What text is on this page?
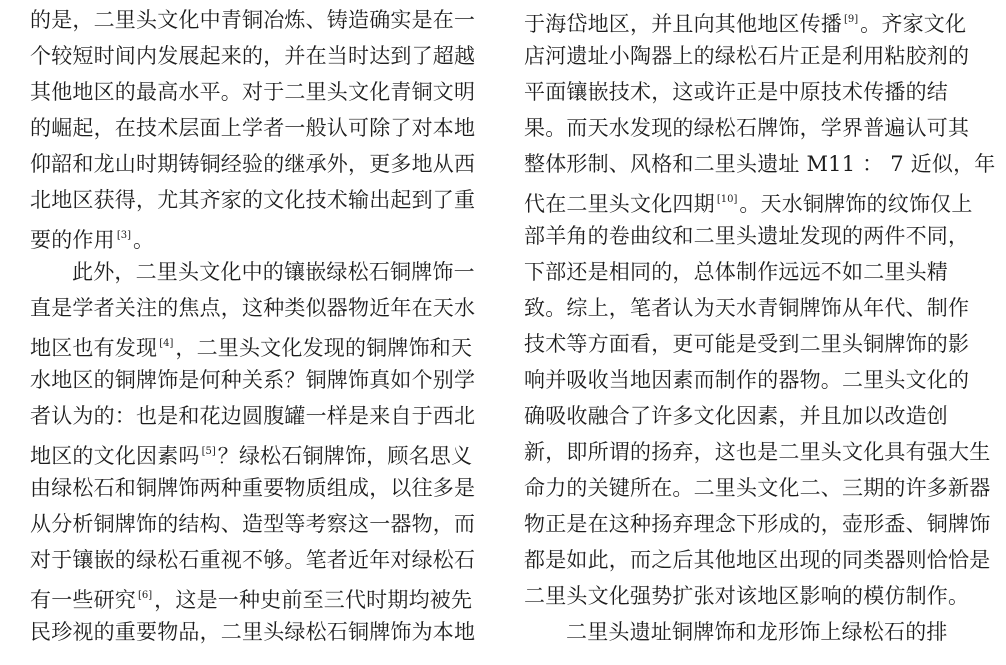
的是，二里头文化中青铜冶炼、铸造确实是在一
个较短时间内发展起来的，并在当时达到了超越
其他地区的最高水平。对于二里头文化青铜文明
的崛起，在技术层面上学者一般认可除了对本地
仰韶和龙山时期铸铜经验的继承外，更多地从西
北地区获得，尤其齐家的文化技术输出起到了重
要的作用 [3]。
此外，二里头文化中的镶嵌绿松石铜牌饰一
直是学者关注的焦点，这种类似器物近年在天水
地区也有发现 [4]，二里头文化发现的铜牌饰和天
水地区的铜牌饰是何种关系？铜牌饰真如个别学
者认为的：也是和花边圆腹罐一样是来自于西北
地区的文化因素吗 [5]？绿松石铜牌饰，顾名思义
由绿松石和铜牌饰两种重要物质组成，以往多是
从分析铜牌饰的结构、造型等考察这一器物，而
对于镶嵌的绿松石重视不够。笔者近年对绿松石
有一些研究 [6]，这是一种史前至三代时期均被先
民珍视的重要物品，二里头绿松石铜牌饰为本地
于海岱地区，并且向其他地区传播 [9]。齐家文化
店河遗址小陶器上的绿松石片正是利用粘胶剂的
平面镶嵌技术，这或许正是中原技术传播的结
果。而天水发现的绿松石牌饰，学界普遍认可其
整体形制、风格和二里头遗址 M11 ： 7 近似，年
代在二里头文化四期 [10]。天水铜牌饰的纹饰仅上
部羊角的卷曲纹和二里头遗址发现的两件不同，
下部还是相同的，总体制作远远不如二里头精
致。综上，笔者认为天水青铜牌饰从年代、制作
技术等方面看，更可能是受到二里头铜牌饰的影
响并吸收当地因素而制作的器物。二里头文化的
确吸收融合了许多文化因素，并且加以改造创
新，即所谓的扬弃，这也是二里头文化具有强大生
命力的关键所在。二里头文化二、三期的许多新器
物正是在这种扬弃理念下形成的，壶形盉、铜牌饰
都是如此，而之后其他地区出现的同类器则恰恰是
二里头文化强势扩张对该地区影响的模仿制作。
二里头遗址铜牌饰和龙形饰上绿松石的排
